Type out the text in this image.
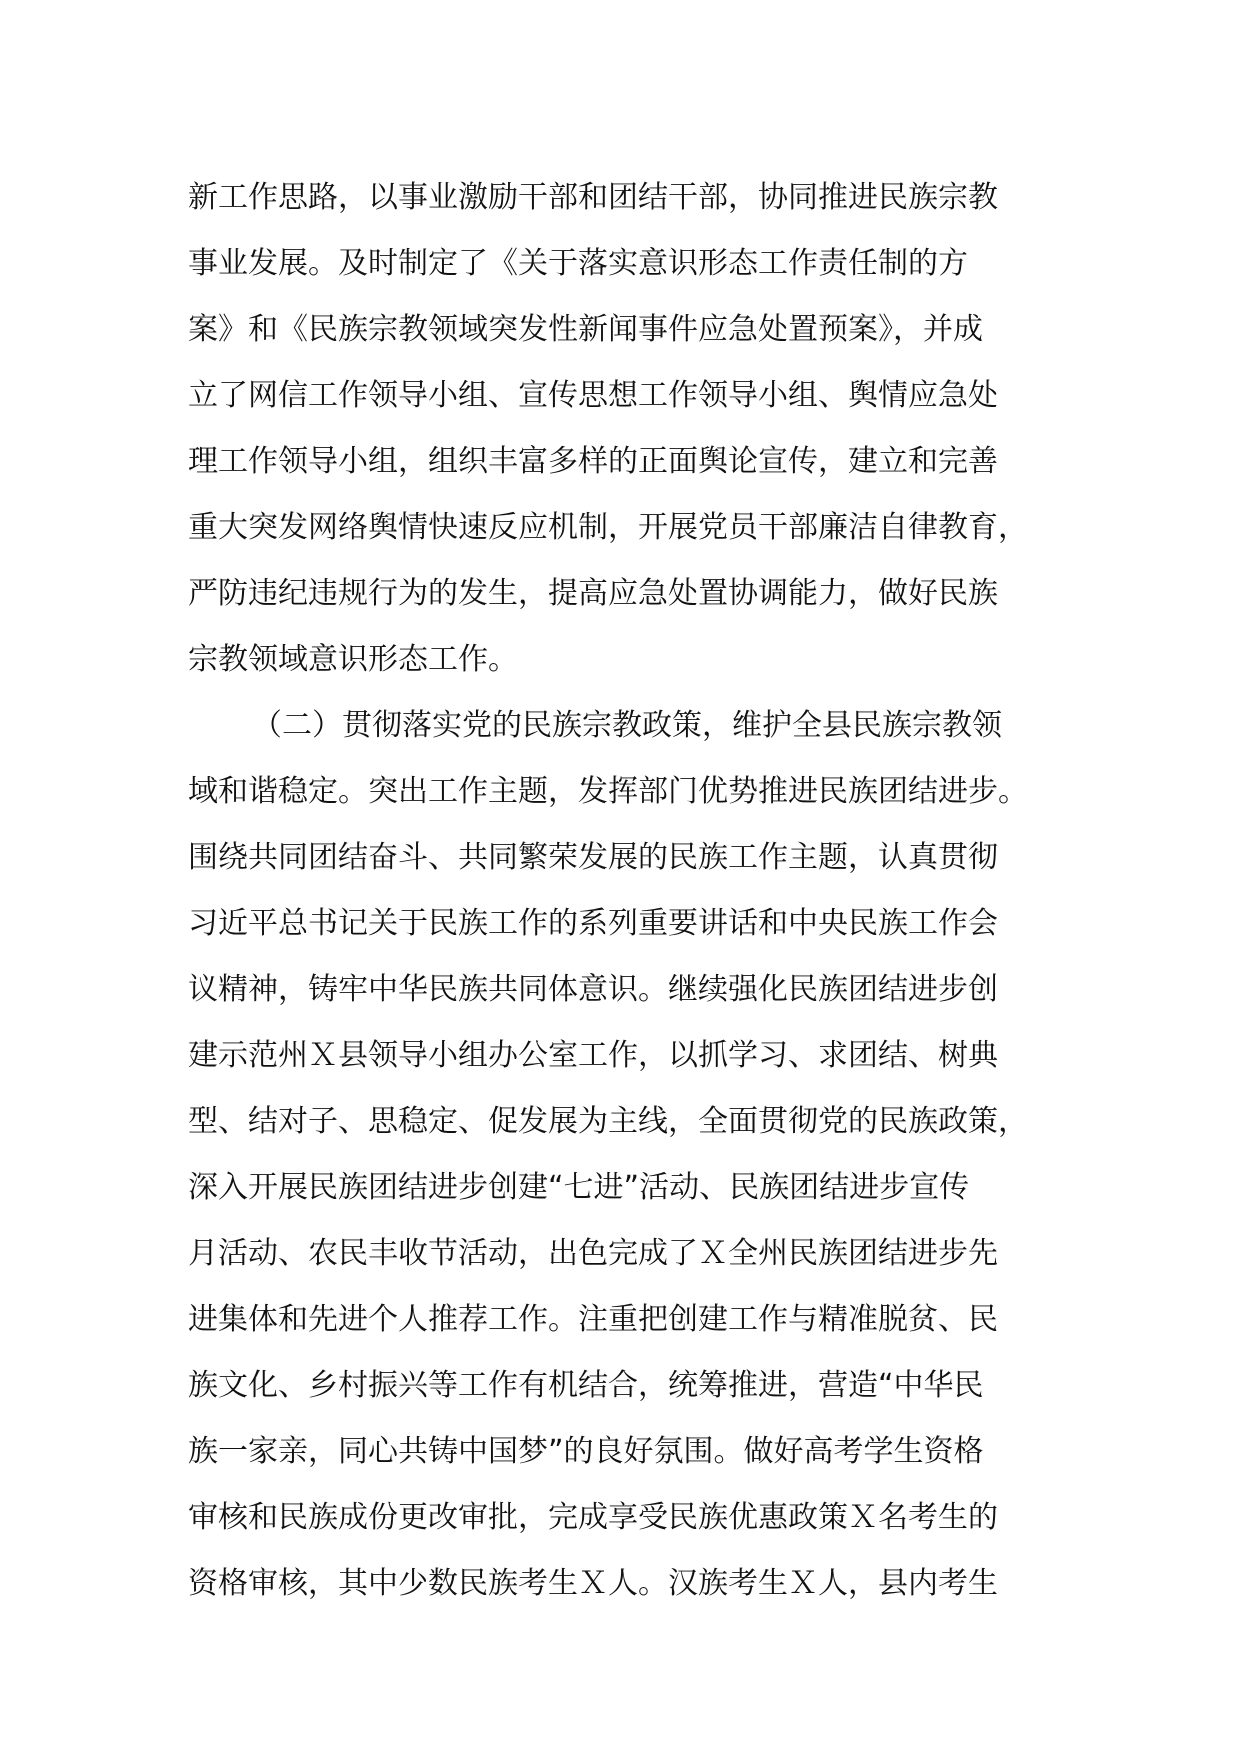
新工作思路，以事业激励干部和团结干部，协同推进民族宗教
事业发展。及时制定了《关于落实意识形态工作责任制的方
案》和《民族宗教领域突发性新闻事件应急处置预案》，并成
立了网信工作领导小组、宣传思想工作领导小组、舆情应急处
理工作领导小组，组织丰富多样的正面舆论宣传，建立和完善
重大突发网络舆情快速反应机制，开展党员干部廉洁自律教育，
严防违纪违规行为的发生，提高应急处置协调能力，做好民族
宗教领域意识形态工作。
（二）贯彻落实党的民族宗教政策，维护全县民族宗教领
域和谐稳定。突出工作主题，发挥部门优势推进民族团结进步。
围绕共同团结奋斗、共同繁荣发展的民族工作主题，认真贯彻
习近平总书记关于民族工作的系列重要讲话和中央民族工作会
议精神，铸牢中华民族共同体意识。继续强化民族团结进步创
建示范州Ｘ县领导小组办公室工作，以抓学习、求团结、树典
型、结对子、思稳定、促发展为主线，全面贯彻党的民族政策，
深入开展民族团结进步创建“七进”活动、民族团结进步宣传
月活动、农民丰收节活动，出色完成了Ｘ全州民族团结进步先
进集体和先进个人推荐工作。注重把创建工作与精准脱贫、民
族文化、乡村振兴等工作有机结合，统筹推进，营造“中华民
族一家亲，同心共铸中国梦”的良好氛围。做好高考学生资格
审核和民族成份更改审批，完成享受民族优惠政策Ｘ名考生的
资格审核，其中少数民族考生Ｘ人。汉族考生Ｘ人，县内考生
